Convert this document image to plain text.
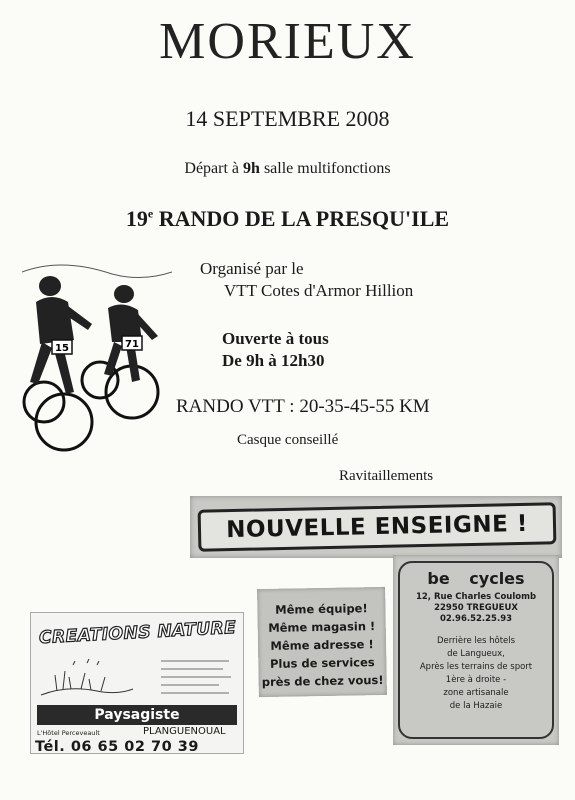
MORIEUX
14 SEPTEMBRE 2008
Départ à 9h salle multifonctions
19e RANDO DE LA PRESQU'ILE
15	71
Organisé par le
VTT Cotes d'Armor Hillion
Ouverte à tous
De 9h à 12h30
RANDO VTT : 20-35-45-55 KM
Casque conseillé
Ravitaillements
NOUVELLE ENSEIGNE !
Même équipe!
Même magasin !
Même adresse !
Plus de services
près de chez vous!
be cycles
12, Rue Charles Coulomb
22950 TREGUEUX
02.96.52.25.93
Derrière les hôtels
de Langueux,
Après les terrains de sport
1ère à droite -
zone artisanale
de la Hazaie
CREATIONS NATURE
Paysagiste
L'Hôtel Perceveault	PLANGUENOUAL
Tél. 06 65 02 70 39
